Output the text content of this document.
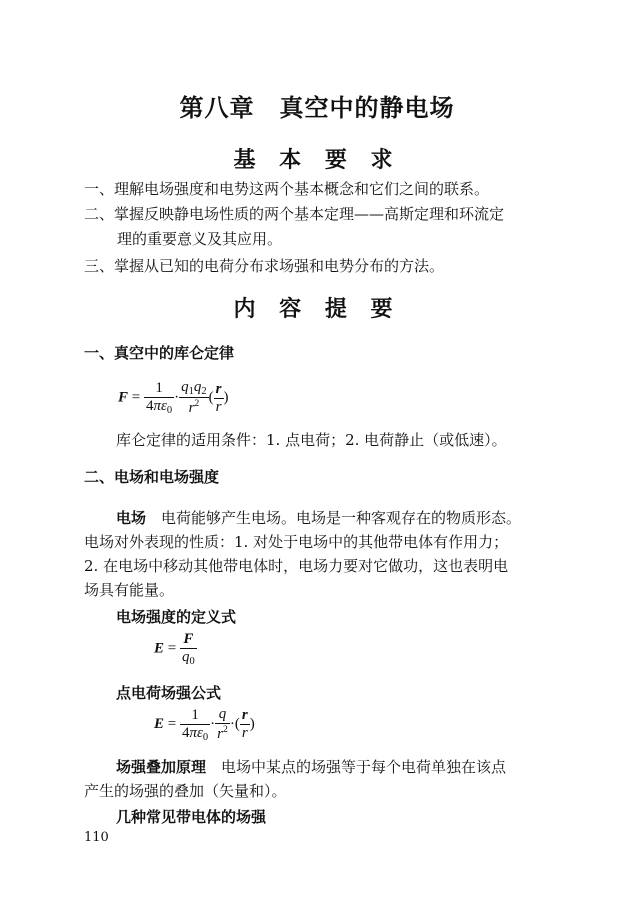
第八章　真空中的静电场
基 本 要 求
一、理解电场强度和电势这两个基本概念和它们之间的联系。
二、掌握反映静电场性质的两个基本定理——高斯定理和环流定
理的重要意义及其应用。
三、掌握从已知的电荷分布求场强和电势分布的方法。
内 容 提 要
一、真空中的库仑定律
$F = \frac{1}{4\pi\varepsilon_0} \cdot \frac{q_1q_2}{r^2}$ ( $\frac{r}{r}$ )
库仑定律的适用条件：1. 点电荷；2. 电荷静止（或低速）。
二、电场和电场强度
电场　 电荷能够产生电场。电场是一种客观存在的物质形态。
电场对外表现的性质：1. 对处于电场中的其他带电体有作用力；
2. 在电场中移动其他带电体时，电场力要对它做功，这也表明电
场具有能量。
电场强度的定义式
$E = \frac{F}{q_0}$
点电荷场强公式
$E = \frac{1}{4\pi\varepsilon_0} \cdot \frac{q}{r^2}$ ·( $\frac{r}{r}$ )
场强叠加原理　电场中某点的场强等于每个电荷单独在该点
产生的场强的叠加（矢量和）。
几种常见带电体的场强
110
